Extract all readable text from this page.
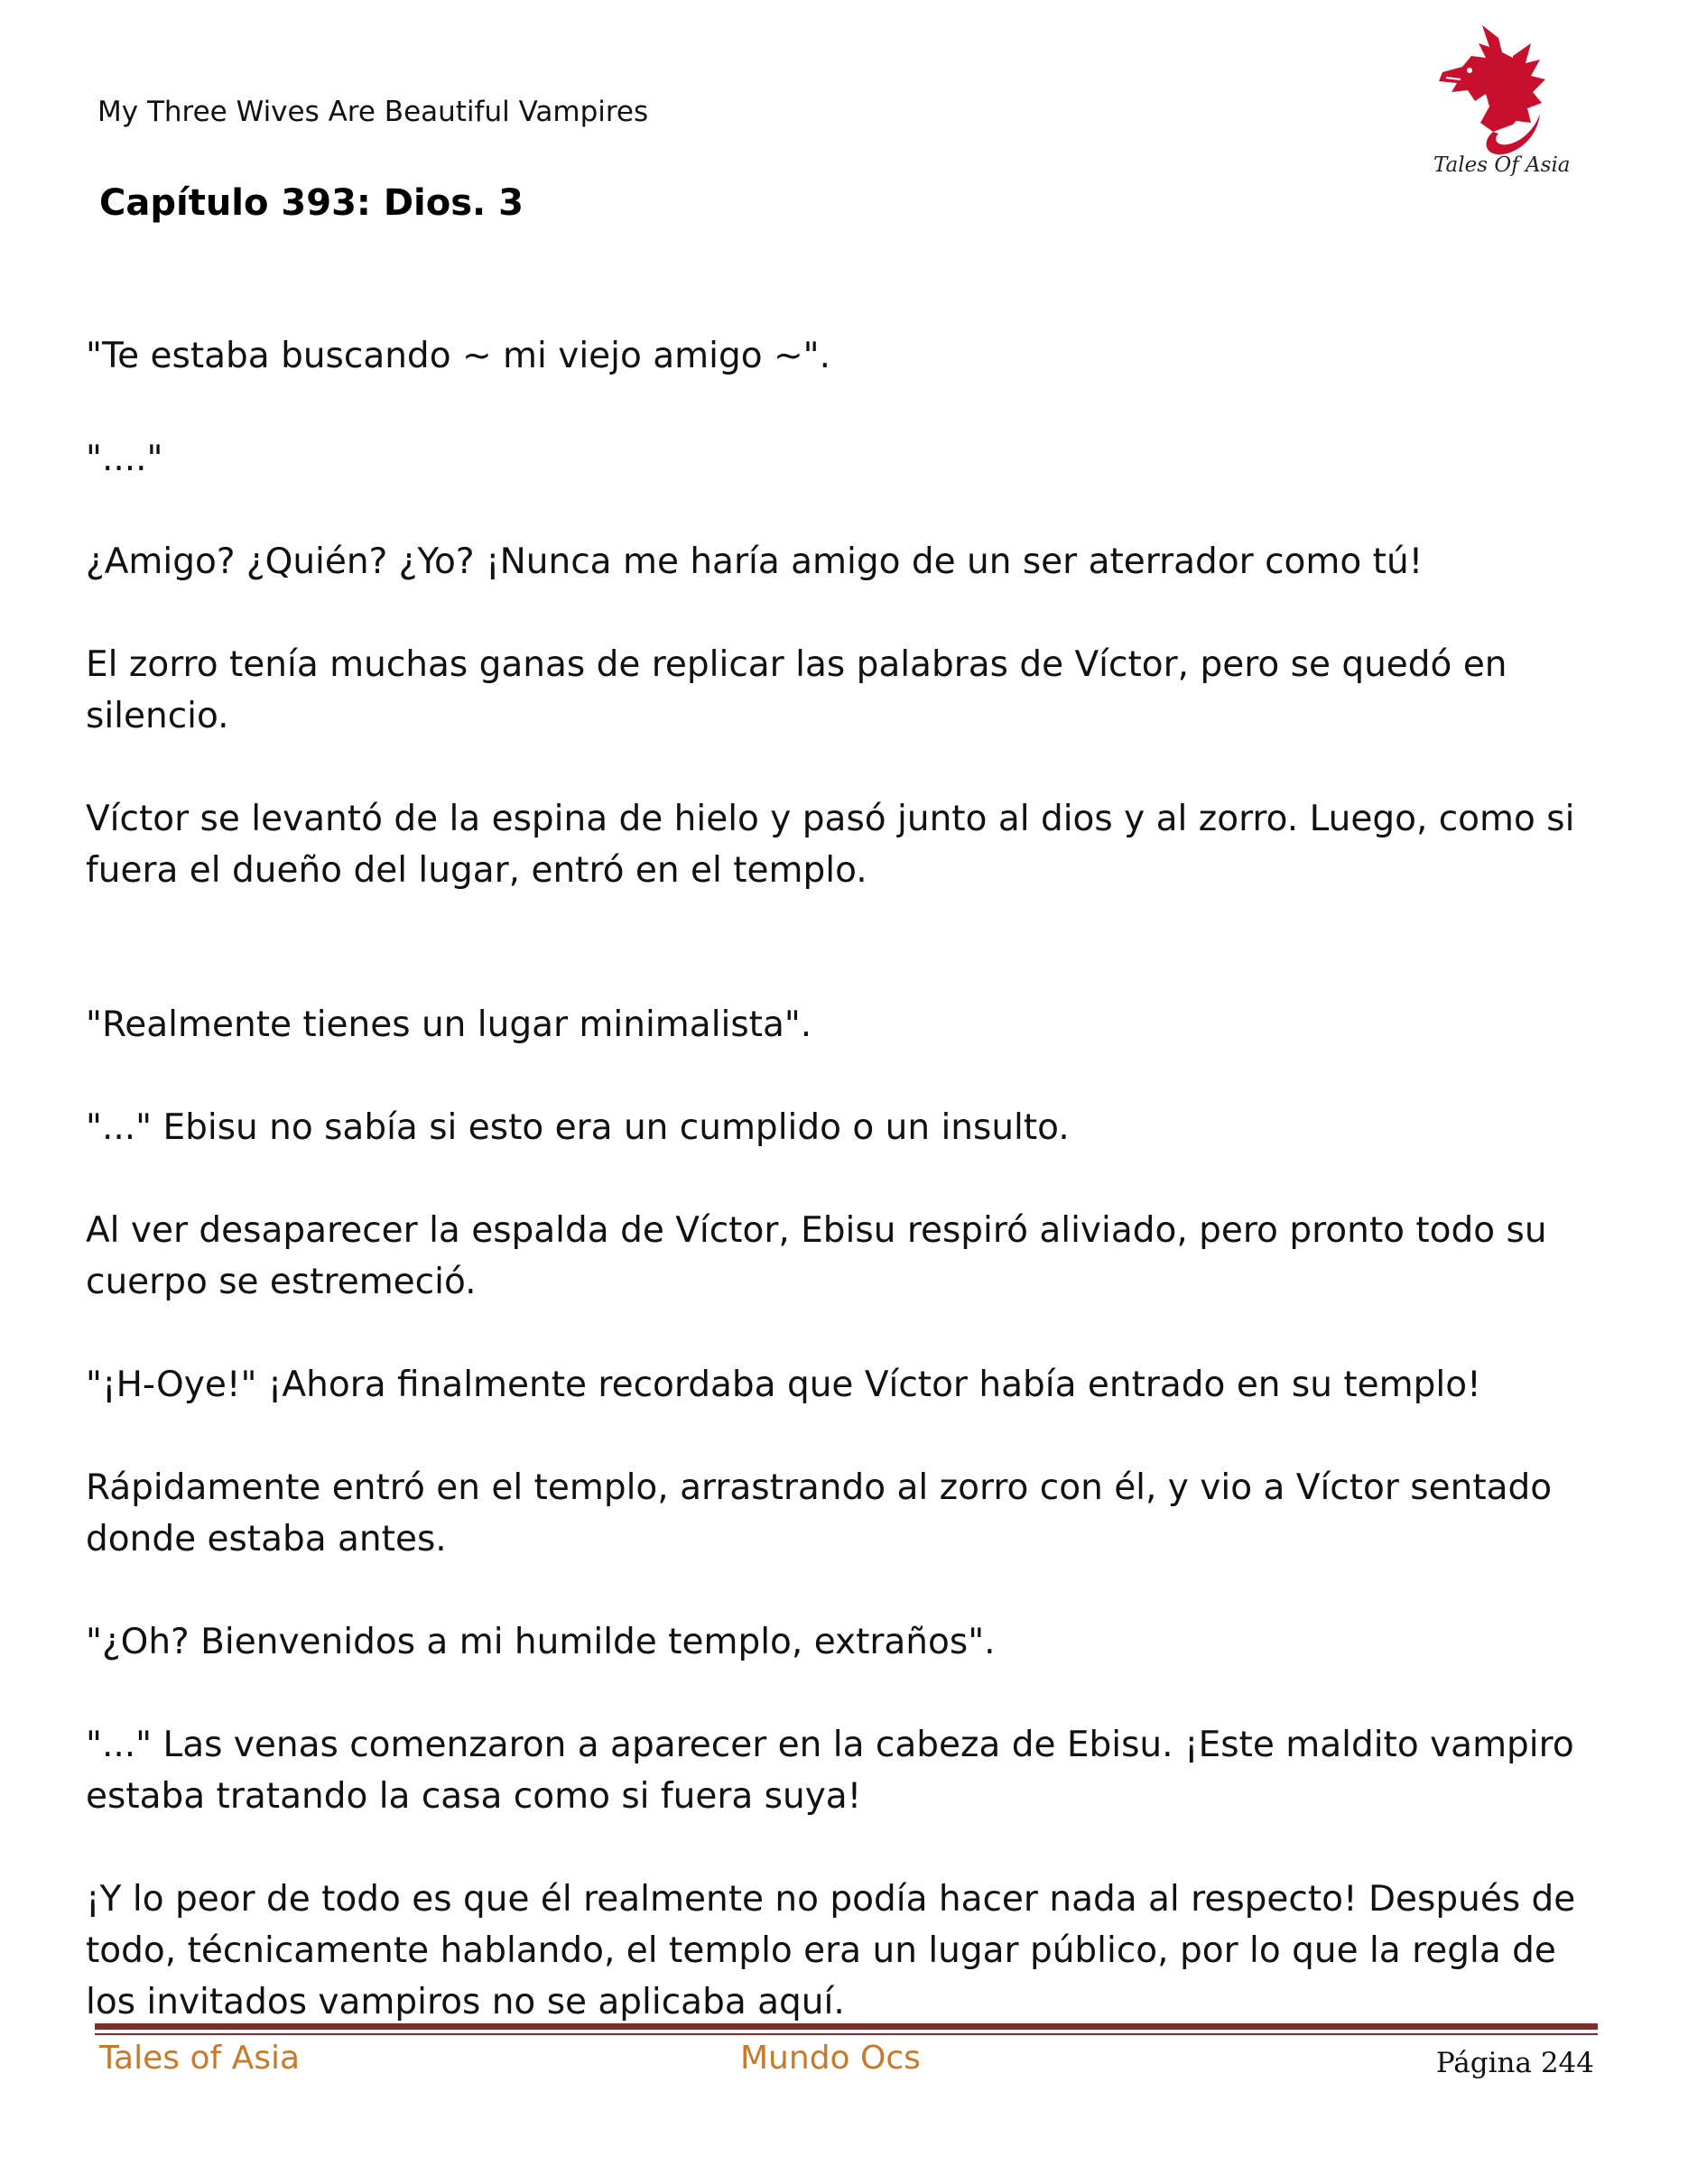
My Three Wives Are Beautiful Vampires
Capítulo 393: Dios. 3
Tales Of Asia

"Te estaba buscando ~ mi viejo amigo ~".

"...."

¿Amigo? ¿Quién? ¿Yo? ¡Nunca me haría amigo de un ser aterrador como tú!

El zorro tenía muchas ganas de replicar las palabras de Víctor, pero se quedó en silencio.

Víctor se levantó de la espina de hielo y pasó junto al dios y al zorro. Luego, como si fuera el dueño del lugar, entró en el templo.

"Realmente tienes un lugar minimalista".

"..." Ebisu no sabía si esto era un cumplido o un insulto.

Al ver desaparecer la espalda de Víctor, Ebisu respiró aliviado, pero pronto todo su cuerpo se estremeció.

"¡H-Oye!" ¡Ahora finalmente recordaba que Víctor había entrado en su templo!

Rápidamente entró en el templo, arrastrando al zorro con él, y vio a Víctor sentado donde estaba antes.

"¿Oh? Bienvenidos a mi humilde templo, extraños".

"..." Las venas comenzaron a aparecer en la cabeza de Ebisu. ¡Este maldito vampiro estaba tratando la casa como si fuera suya!

¡Y lo peor de todo es que él realmente no podía hacer nada al respecto! Después de todo, técnicamente hablando, el templo era un lugar público, por lo que la regla de los invitados vampiros no se aplicaba aquí.

Tales of Asia	Mundo Ocs	Página 244
